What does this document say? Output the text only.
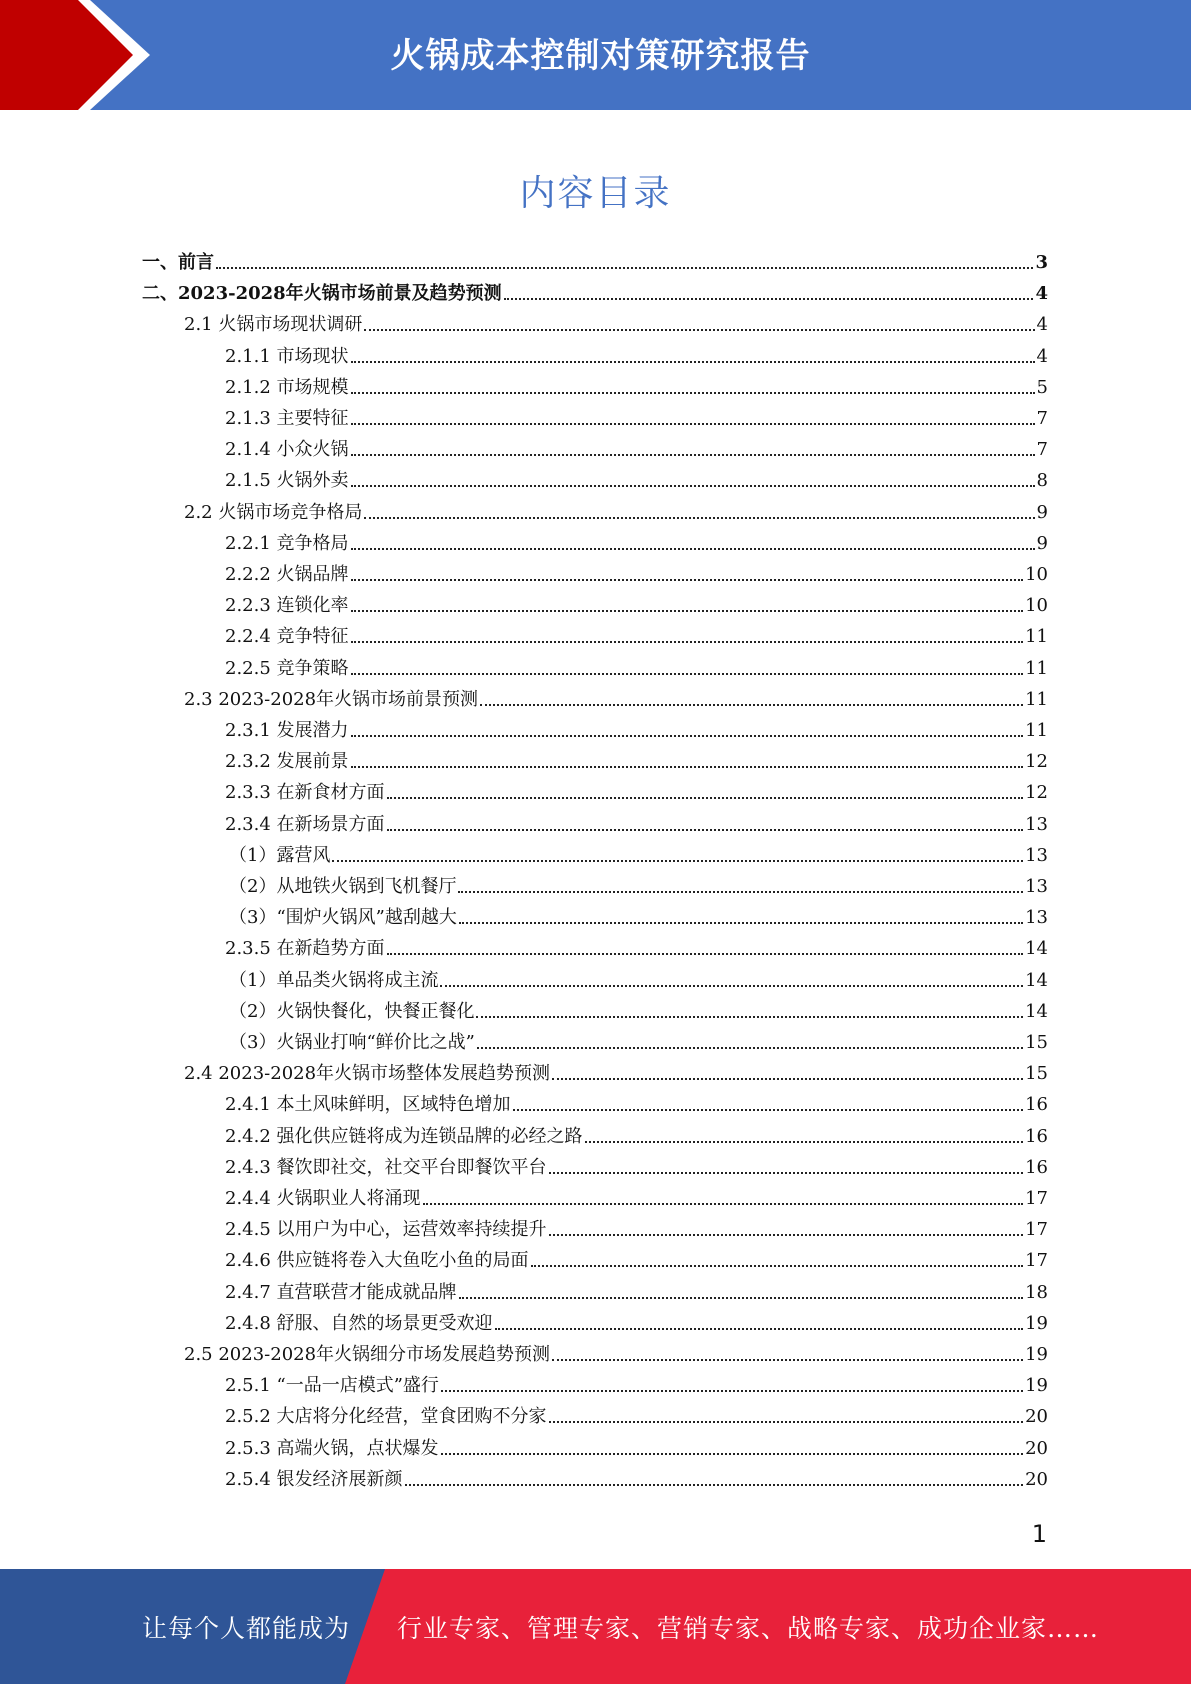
火锅成本控制对策研究报告
内容目录
一、前言	3
二、2023-2028年火锅市场前景及趋势预测	4
2.1 火锅市场现状调研	4
2.1.1 市场现状	4
2.1.2 市场规模	5
2.1.3 主要特征	7
2.1.4 小众火锅	7
2.1.5 火锅外卖	8
2.2 火锅市场竞争格局	9
2.2.1 竞争格局	9
2.2.2 火锅品牌	10
2.2.3 连锁化率	10
2.2.4 竞争特征	11
2.2.5 竞争策略	11
2.3 2023-2028年火锅市场前景预测	11
2.3.1 发展潜力	11
2.3.2 发展前景	12
2.3.3 在新食材方面	12
2.3.4 在新场景方面	13
（1）露营风	13
（2）从地铁火锅到飞机餐厅	13
（3）“围炉火锅风”越刮越大	13
2.3.5 在新趋势方面	14
（1）单品类火锅将成主流	14
（2）火锅快餐化，快餐正餐化	14
（3）火锅业打响“鲜价比之战”	15
2.4 2023-2028年火锅市场整体发展趋势预测	15
2.4.1 本土风味鲜明，区域特色增加	16
2.4.2 强化供应链将成为连锁品牌的必经之路	16
2.4.3 餐饮即社交，社交平台即餐饮平台	16
2.4.4 火锅职业人将涌现	17
2.4.5 以用户为中心，运营效率持续提升	17
2.4.6 供应链将卷入大鱼吃小鱼的局面	17
2.4.7 直营联营才能成就品牌	18
2.4.8 舒服、自然的场景更受欢迎	19
2.5 2023-2028年火锅细分市场发展趋势预测	19
2.5.1 “一品一店模式”盛行	19
2.5.2 大店将分化经营，堂食团购不分家	20
2.5.3 高端火锅，点状爆发	20
2.5.4 银发经济展新颜	20
1
让每个人都能成为 行业专家、管理专家、营销专家、战略专家、成功企业家……
